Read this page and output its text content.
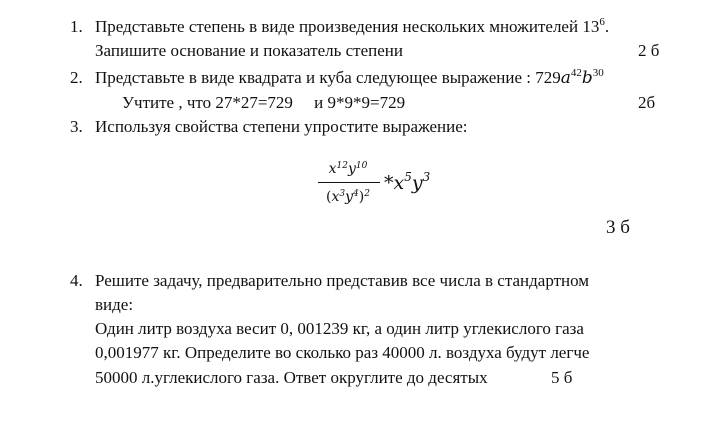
1. Представьте степень в виде произведения нескольких множителей $13^6$.
Запишите основание и показатель степени	2 б
2. Представьте в виде квадрата и куба следующее выражение : $729a^{42}b^{30}$
Учтите , что 27*27=729     и 9*9*9=729	2б
3. Используя свойства степени упростите выражение:
$x^{12}y^{10}$
$(x^3y^4)^2$ $*x^5y^3$
3 б
4. Решите задачу, предварительно представив все числа в стандартном
виде:
Один литр воздуха весит 0, 001239 кг, а один литр углекислого газа
0,001977 кг. Определите во сколько раз 40000 л. воздуха будут легче
50000 л.углекислого газа. Ответ округлите до десятых	5 б
